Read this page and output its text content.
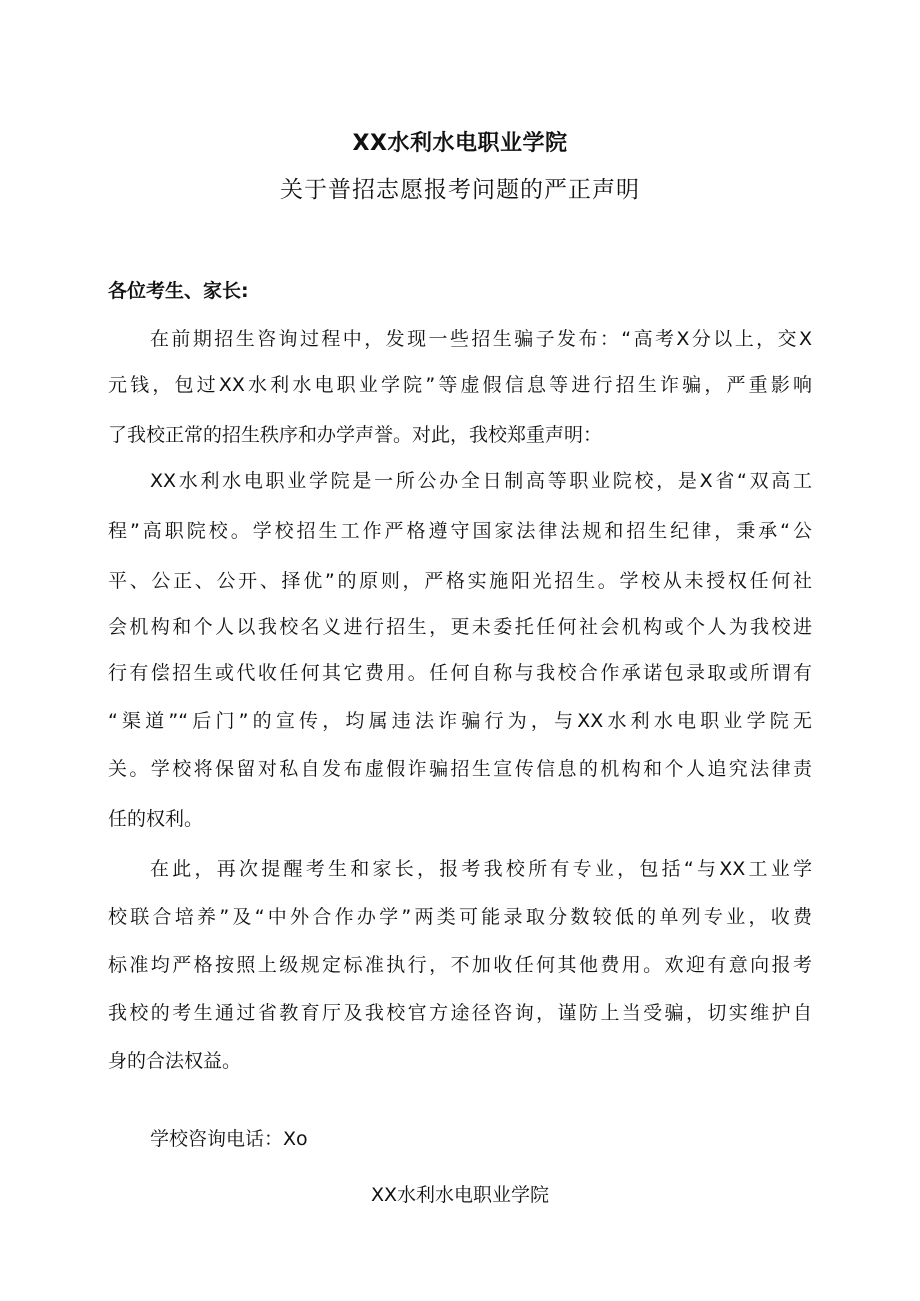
XX水利水电职业学院
关于普招志愿报考问题的严正声明
各位考生、家长:
在前期招生咨询过程中，发现一些招生骗子发布：“高考X分以上，交X
元钱，包过XX水利水电职业学院”等虚假信息等进行招生诈骗，严重影响
了我校正常的招生秩序和办学声誉。对此，我校郑重声明：
XX水利水电职业学院是一所公办全日制高等职业院校，是X省“双高工
程”高职院校。学校招生工作严格遵守国家法律法规和招生纪律，秉承“公
平、公正、公开、择优”的原则，严格实施阳光招生。学校从未授权任何社
会机构和个人以我校名义进行招生，更未委托任何社会机构或个人为我校进
行有偿招生或代收任何其它费用。任何自称与我校合作承诺包录取或所谓有
“渠道”“后门”的宣传，均属违法诈骗行为，与XX水利水电职业学院无
关。学校将保留对私自发布虚假诈骗招生宣传信息的机构和个人追究法律责
任的权利。
在此，再次提醒考生和家长，报考我校所有专业，包括“与XX工业学
校联合培养”及“中外合作办学”两类可能录取分数较低的单列专业，收费
标准均严格按照上级规定标准执行，不加收任何其他费用。欢迎有意向报考
我校的考生通过省教育厅及我校官方途径咨询，谨防上当受骗，切实维护自
身的合法权益。
学校咨询电话：Xo
XX水利水电职业学院
